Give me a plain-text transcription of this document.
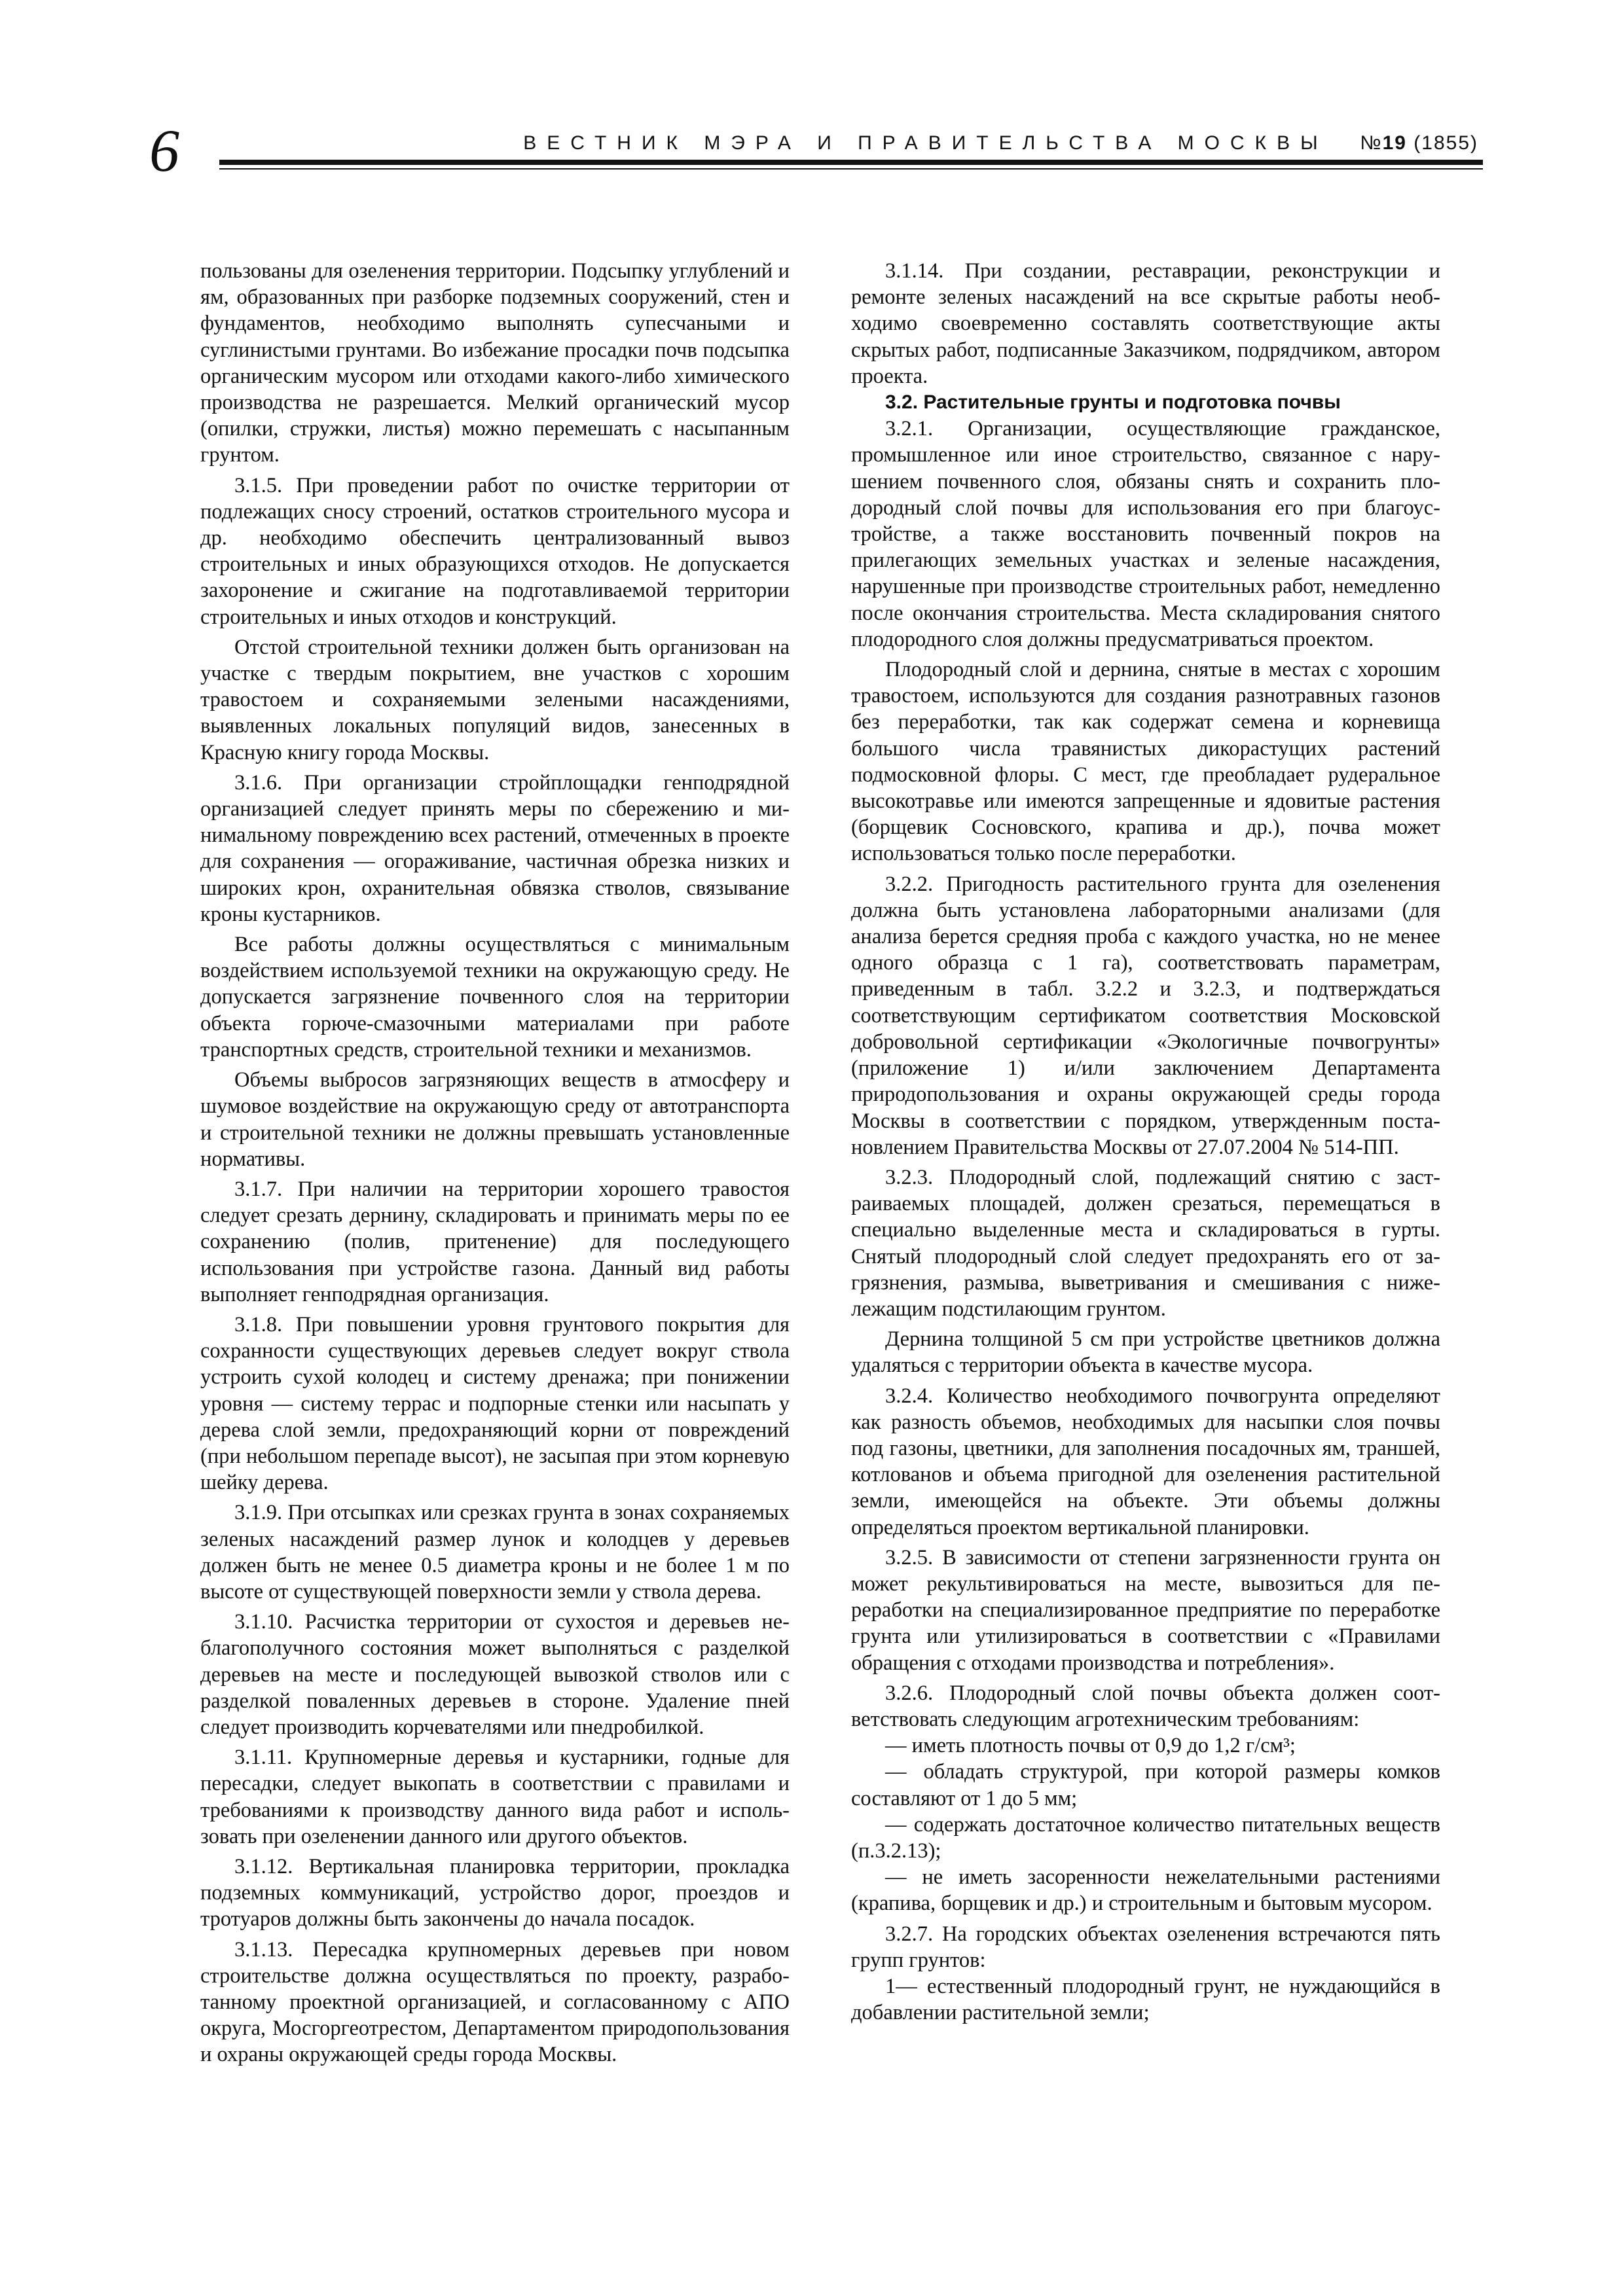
6	ВЕСТНИК МЭРА И ПРАВИТЕЛЬСТВА МОСКВЫ №19 (1855)

пользованы для озеленения территории. Подсыпку углублений и ям, образованных при разборке подземных сооружений, стен и фундаментов, необходимо выполнять супесчаными и суглинистыми грунтами. Во избежание просадки почв подсыпка органическим мусором или отходами какого-либо химического производства не разрешается. Мелкий органический мусор (опилки, стружки, листья) можно перемешать с насыпанным грунтом.

3.1.5. При проведении работ по очистке территории от подлежащих сносу строений, остатков строительного мусора и др. необходимо обеспечить централизованный вывоз строительных и иных образующихся отходов. Не допускается захоронение и сжигание на подготавливаемой территории строительных и иных отходов и конструкций.

Отстой строительной техники должен быть организован на участке с твердым покрытием, вне участков с хорошим травостоем и сохраняемыми зелеными насаждениями, выявленных локальных популяций видов, занесенных в Красную книгу города Москвы.

3.1.6. При организации стройплощадки генподрядной организацией следует принять меры по сбережению и минимальному повреждению всех растений, отмеченных в проекте для сохранения — огораживание, частичная обрезка низких и широких крон, охранительная обвязка стволов, связывание кроны кустарников.

Все работы должны осуществляться с минимальным воздействием используемой техники на окружающую среду. Не допускается загрязнение почвенного слоя на территории объекта горюче-смазочными материалами при работе транспортных средств, строительной техники и механизмов.

Объемы выбросов загрязняющих веществ в атмосферу и шумовое воздействие на окружающую среду от автотранспорта и строительной техники не должны превышать установленные нормативы.

3.1.7. При наличии на территории хорошего травостоя следует срезать дернину, складировать и принимать меры по ее сохранению (полив, притенение) для последующего использования при устройстве газона. Данный вид работы выполняет генподрядная организация.

3.1.8. При повышении уровня грунтового покрытия для сохранности существующих деревьев следует вокруг ствола устроить сухой колодец и систему дренажа; при понижении уровня — систему террас и подпорные стенки или насыпать у дерева слой земли, предохраняющий корни от повреждений (при небольшом перепаде высот), не засыпая при этом корневую шейку дерева.

3.1.9. При отсыпках или срезках грунта в зонах сохраняемых зеленых насаждений размер лунок и колодцев у деревьев должен быть не менее 0.5 диаметра кроны и не более 1 м по высоте от существующей поверхности земли у ствола дерева.

3.1.10. Расчистка территории от сухостоя и деревьев неблагополучного состояния может выполняться с разделкой деревьев на месте и последующей вывозкой стволов или с разделкой поваленных деревьев в стороне. Удаление пней следует производить корчевателями или пнедробилкой.

3.1.11. Крупномерные деревья и кустарники, годные для пересадки, следует выкопать в соответствии с правилами и требованиями к производству данного вида работ и использовать при озеленении данного или другого объектов.

3.1.12. Вертикальная планировка территории, прокладка подземных коммуникаций, устройство дорог, проездов и тротуаров должны быть закончены до начала посадок.

3.1.13. Пересадка крупномерных деревьев при новом строительстве должна осуществляться по проекту, разработанному проектной организацией, и согласованному с АПО округа, Мосгоргеотрестом, Департаментом природопользования и охраны окружающей среды города Москвы.

3.1.14. При создании, реставрации, реконструкции и ремонте зеленых насаждений на все скрытые работы необходимо своевременно составлять соответствующие акты скрытых работ, подписанные Заказчиком, подрядчиком, автором проекта.

3.2. Растительные грунты и подготовка почвы

3.2.1. Организации, осуществляющие гражданское, промышленное или иное строительство, связанное с нарушением почвенного слоя, обязаны снять и сохранить плодородный слой почвы для использования его при благоустройстве, а также восстановить почвенный покров на прилегающих земельных участках и зеленые насаждения, нарушенные при производстве строительных работ, немедленно после окончания строительства. Места складирования снятого плодородного слоя должны предусматриваться проектом.

Плодородный слой и дернина, снятые в местах с хорошим травостоем, используются для создания разнотравных газонов без переработки, так как содержат семена и корневища большого числа травянистых дикорастущих растений подмосковной флоры. С мест, где преобладает рудеральное высокотравье или имеются запрещенные и ядовитые растения (борщевик Сосновского, крапива и др.), почва может использоваться только после переработки.

3.2.2. Пригодность растительного грунта для озеленения должна быть установлена лабораторными анализами (для анализа берется средняя проба с каждого участка, но не менее одного образца с 1 га), соответствовать параметрам, приведенным в табл. 3.2.2 и 3.2.3, и подтверждаться соответствующим сертификатом соответствия Московской добровольной сертификации «Экологичные почвогрунты» (приложение 1) и/или заключением Департамента природопользования и охраны окружающей среды города Москвы в соответствии с порядком, утвержденным постановлением Правительства Москвы от 27.07.2004 № 514-ПП.

3.2.3. Плодородный слой, подлежащий снятию с застраиваемых площадей, должен срезаться, перемещаться в специально выделенные места и складироваться в гурты. Снятый плодородный слой следует предохранять его от загрязнения, размыва, выветривания и смешивания с нижележащим подстилающим грунтом.

Дернина толщиной 5 см при устройстве цветников должна удаляться с территории объекта в качестве мусора.

3.2.4. Количество необходимого почвогрунта определяют как разность объемов, необходимых для насыпки слоя почвы под газоны, цветники, для заполнения посадочных ям, траншей, котлованов и объема пригодной для озеленения растительной земли, имеющейся на объекте. Эти объемы должны определяться проектом вертикальной планировки.

3.2.5. В зависимости от степени загрязненности грунта он может рекультивироваться на месте, вывозиться для переработки на специализированное предприятие по переработке грунта или утилизироваться в соответствии с «Правилами обращения с отходами производства и потребления».

3.2.6. Плодородный слой почвы объекта должен соответствовать следующим агротехническим требованиям:

— иметь плотность почвы от 0,9 до 1,2 г/см³;

— обладать структурой, при которой размеры комков составляют от 1 до 5 мм;

— содержать достаточное количество питательных веществ (п.3.2.13);

— не иметь засоренности нежелательными растениями (крапива, борщевик и др.) и строительным и бытовым мусором.

3.2.7. На городских объектах озеленения встречаются пять групп грунтов:

1— естественный плодородный грунт, не нуждающийся в добавлении растительной земли;
